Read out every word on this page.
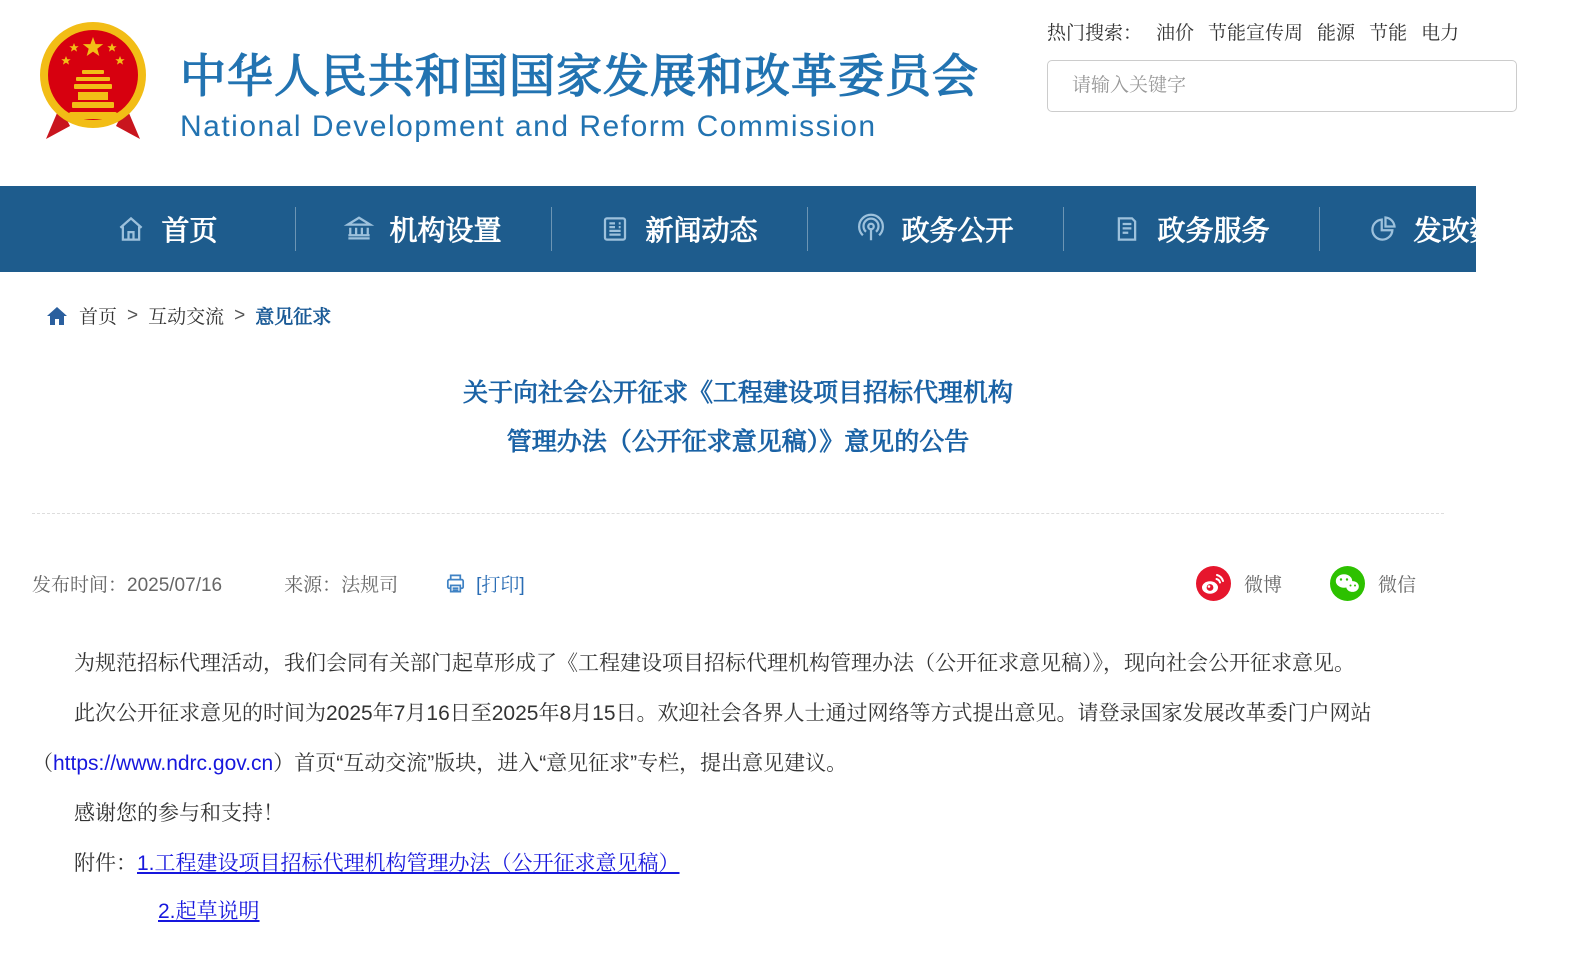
中华人民共和国国家发展和改革委员会
National Development and Reform Commission
热门搜索： 油价 节能宣传周 能源 节能 电力
请输入关键字
首页	机构设置	新闻动态	政务公开	政务服务	发改数据
首页 > 互动交流 > 意见征求
关于向社会公开征求《工程建设项目招标代理机构
管理办法（公开征求意见稿）》意见的公告
发布时间：2025/07/16	来源：法规司	[打印]	微博	微信

为规范招标代理活动，我们会同有关部门起草形成了《工程建设项目招标代理机构管理办法（公开征求意见稿）》，现向社会公开征求意见。

此次公开征求意见的时间为2025年7月16日至2025年8月15日。欢迎社会各界人士通过网络等方式提出意见。请登录国家发展改革委门户网站（https://www.ndrc.gov.cn）首页“互动交流”版块，进入“意见征求”专栏，提出意见建议。

感谢您的参与和支持！

附件：1.工程建设项目招标代理机构管理办法（公开征求意见稿）

2.起草说明
